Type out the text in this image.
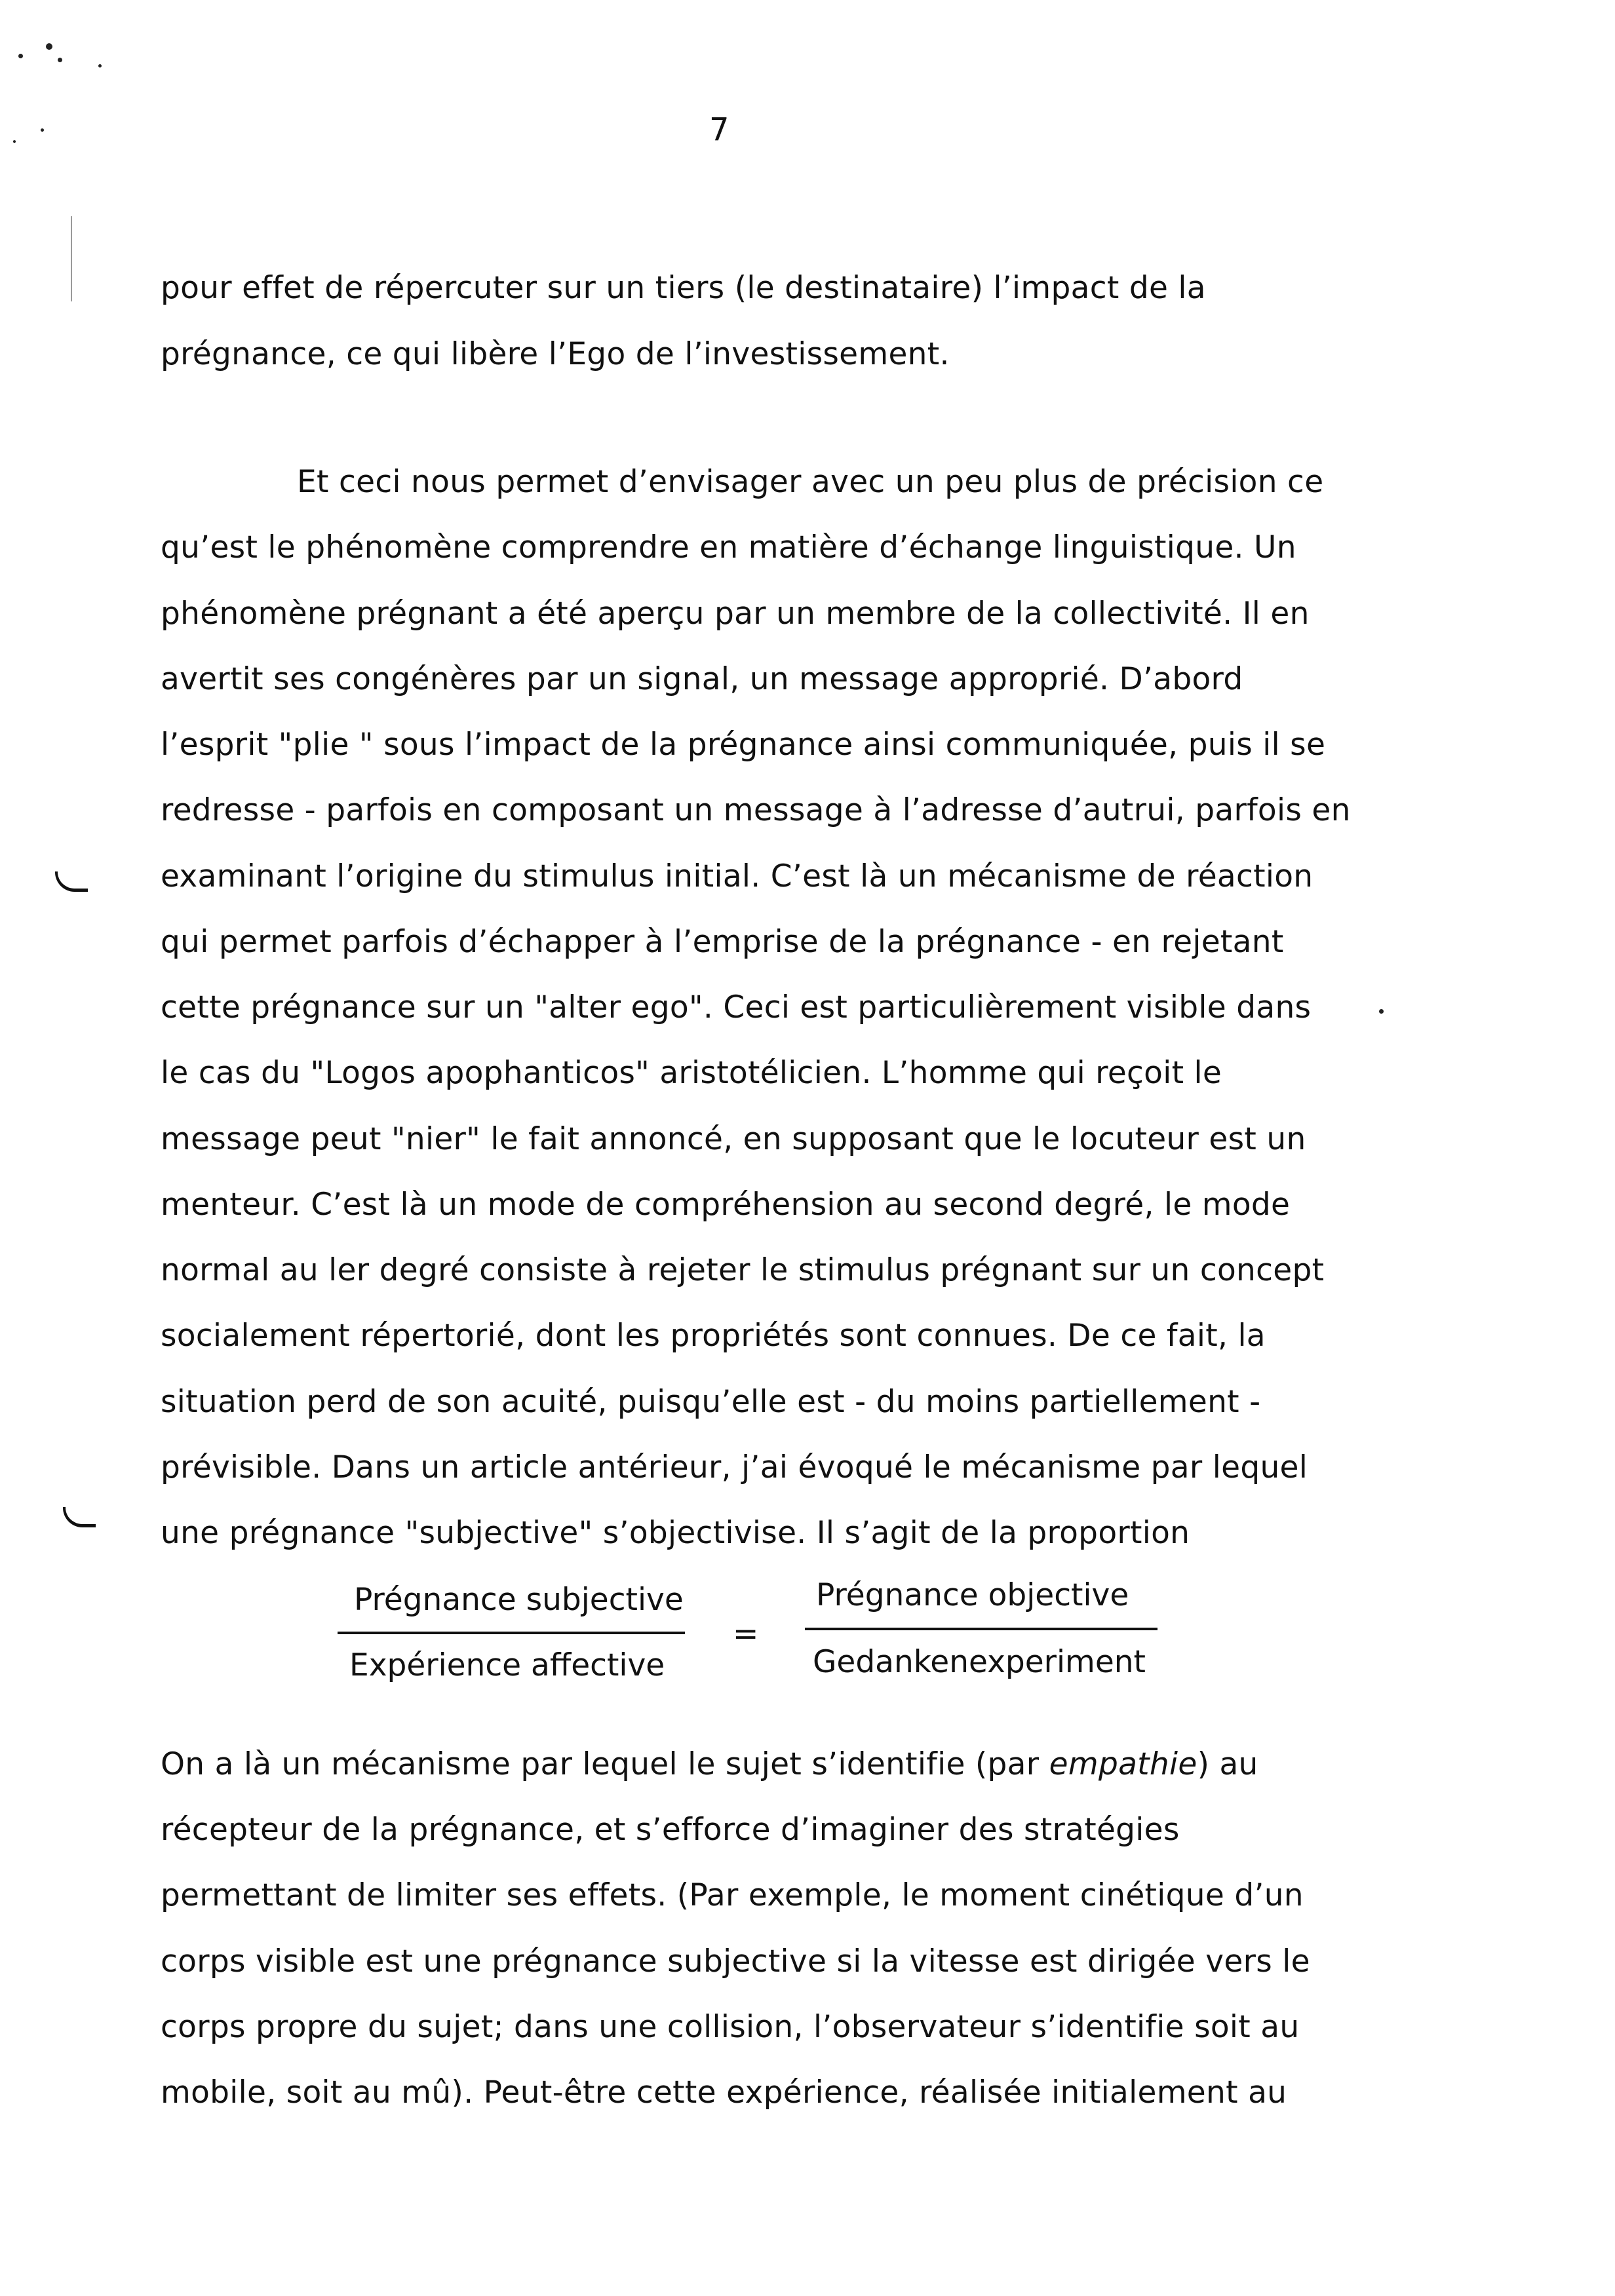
7
pour effet de répercuter sur un tiers (le destinataire) l’impact de la
prégnance, ce qui libère l’Ego de l’investissement.
Et ceci nous permet d’envisager avec un peu plus de précision ce
qu’est le phénomène comprendre en matière d’échange linguistique. Un
phénomène prégnant a été aperçu par un membre de la collectivité. Il en
avertit ses congénères par un signal, un message approprié. D’abord
l’esprit "plie " sous l’impact de la prégnance ainsi communiquée, puis il se
redresse - parfois en composant un message à l’adresse d’autrui, parfois en
examinant l’origine du stimulus initial. C’est là un mécanisme de réaction
qui permet parfois d’échapper à l’emprise de la prégnance - en rejetant
cette prégnance sur un "alter ego". Ceci est particulièrement visible dans
le cas du "Logos apophanticos" aristotélicien. L’homme qui reçoit le
message peut "nier" le fait annoncé, en supposant que le locuteur est un
menteur. C’est là un mode de compréhension au second degré, le mode
normal au ler degré consiste à rejeter le stimulus prégnant sur un concept
socialement répertorié, dont les propriétés sont connues. De ce fait, la
situation perd de son acuité, puisqu’elle est - du moins partiellement -
prévisible. Dans un article antérieur, j’ai évoqué le mécanisme par lequel
une prégnance "subjective" s’objectivise. Il s’agit de la proportion
Prégnance subjective
Expérience affective
=
Prégnance objective
Gedankenexperiment
On a là un mécanisme par lequel le sujet s’identifie (par empathie) au
récepteur de la prégnance, et s’efforce d’imaginer des stratégies
permettant de limiter ses effets. (Par exemple, le moment cinétique d’un
corps visible est une prégnance subjective si la vitesse est dirigée vers le
corps propre du sujet; dans une collision, l’observateur s’identifie soit au
mobile, soit au mû). Peut-être cette expérience, réalisée initialement au
